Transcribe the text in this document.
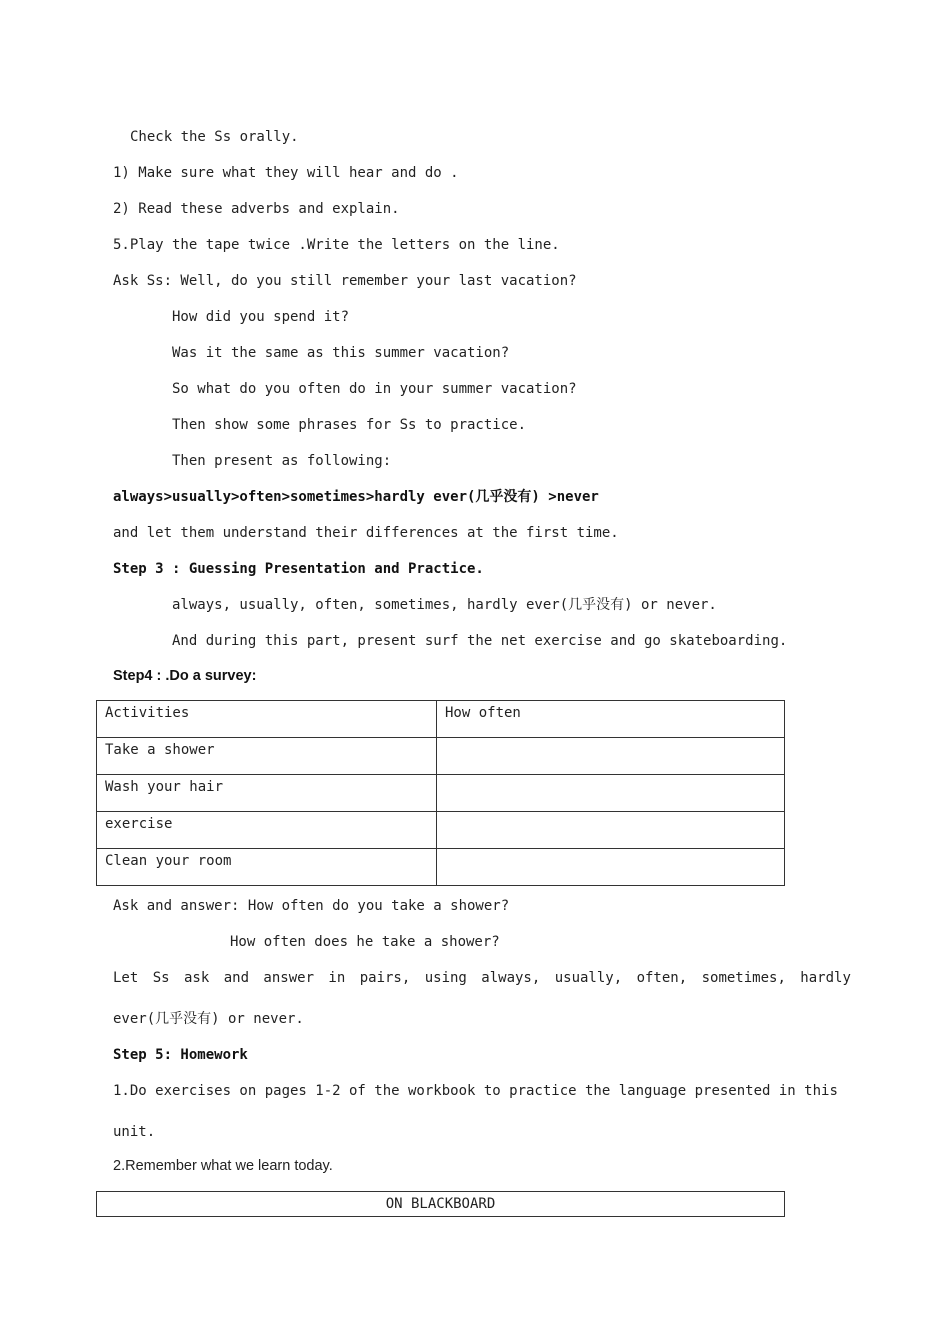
Check the Ss orally.
1) Make sure what they will hear and do .
2) Read these adverbs and explain.
5.Play the tape twice .Write the letters on the line.
Ask Ss: Well, do you still remember your last vacation?
How did you spend it?
Was it the same as this summer vacation?
So what do you often do in your summer vacation?
Then show some phrases for Ss to practice.
Then present as following:
always>usually>often>sometimes>hardly ever(几乎没有) >never
and let them understand their differences at the first time.
Step 3 : Guessing Presentation and Practice.
always, usually, often, sometimes, hardly ever(几乎没有) or never.
And during this part, present surf the net exercise and go skateboarding.
Step4 : .Do a survey:
Activities	How often
Take a shower	
Wash your hair	
exercise	
Clean your room	
Ask and answer: How often do you take a shower?
How often does he take a shower?
Let Ss ask and answer in pairs, using always, usually, often, sometimes, hardly
ever(几乎没有) or never.
Step 5: Homework
1.Do exercises on pages 1-2 of the workbook to practice the language presented in this
unit.
2.Remember what we learn today.
ON BLACKBOARD
